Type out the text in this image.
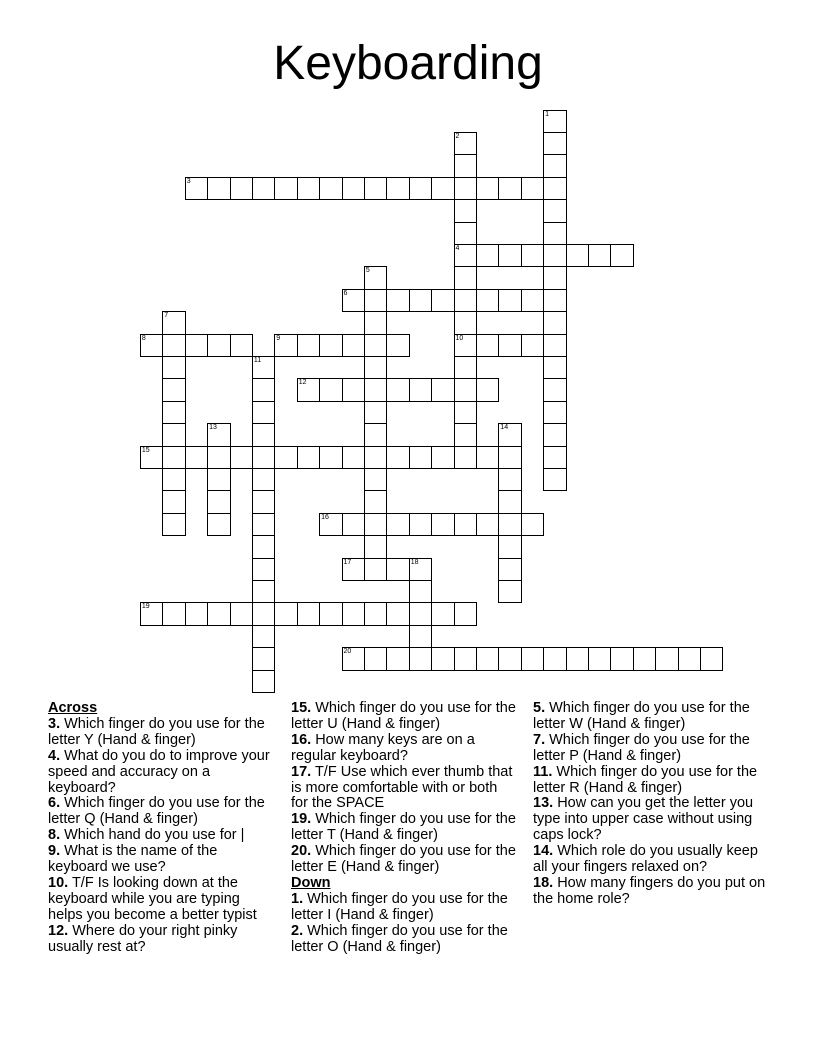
Keyboarding
1
2
4
10
3
5
6
7
8	9
11
12
13	14
15
16
17	18
19
20

Across

3. Which finger do you use for the letter Y (Hand & finger)

4. What do you do to improve your speed and accuracy on a keyboard?

6. Which finger do you use for the letter Q (Hand & finger)

8. Which hand do you use for |

9. What is the name of the keyboard we use?

10. T/F Is looking down at the keyboard while you are typing helps you become a better typist

12. Where do your right pinky usually rest at?

15. Which finger do you use for the letter U (Hand & finger)

16. How many keys are on a regular keyboard?

17. T/F Use which ever thumb that is more comfortable with or both for the SPACE

19. Which finger do you use for the letter T (Hand & finger)

20. Which finger do you use for the letter E (Hand & finger)

Down

1. Which finger do you use for the letter I (Hand & finger)

2. Which finger do you use for the letter O (Hand & finger)

5. Which finger do you use for the letter W (Hand & finger)

7. Which finger do you use for the letter P (Hand & finger)

11. Which finger do you use for the letter R (Hand & finger)

13. How can you get the letter you type into upper case without using caps lock?

14. Which role do you usually keep all your fingers relaxed on?

18. How many fingers do you put on the home role?
